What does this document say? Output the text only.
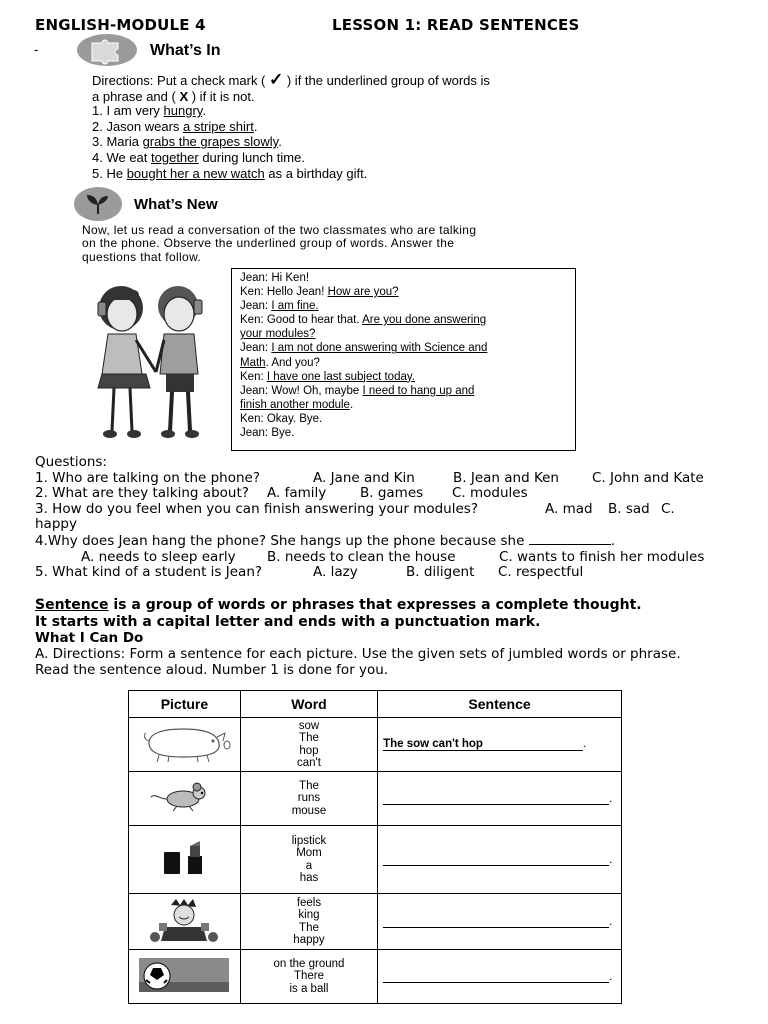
ENGLISH-MODULE 4	LESSON 1: READ SENTENCES
-	What’s In
Directions: Put a check mark ( ✓ ) if the underlined group of words is
a phrase and ( X ) if it is not.

1. I am very hungry.

2. Jason wears a stripe shirt.

3. Maria grabs the grapes slowly.

4. We eat together during lunch time.

5. He bought her a new watch as a birthday gift.

What’s New
Now, let us read a conversation of the two classmates who are talking
on the phone. Observe the underlined group of words. Answer the
questions that follow.

Jean: Hi Ken!

Ken: Hello Jean! How are you?

Jean: I am fine.

Ken: Good to hear that. Are you done answering

your modules?

Jean: I am not done answering with Science and

Math. And you?

Ken: I have one last subject today.

Jean: Wow! Oh, maybe I need to hang up and

finish another module.

Ken: Okay. Bye.

Jean: Bye.

Questions:

1. Who are talking on the phone?	A. Jane and Kin	B. Jean and Ken C. John and Kate

2. What are they talking about? A. family	B. games C. modules

3. How do you feel when you can finish answering your modules?	A. mad B. sad C.

happy

4.Why does Jean hang the phone? She hangs up the phone because she	.

A. needs to sleep early B. needs to clean the house	C. wants to finish her modules

5. What kind of a student is Jean?	A. lazy	B. diligent C. respectful

Sentence is a group of words or phrases that expresses a complete thought.
It starts with a capital letter and ends with a punctuation mark.
What I Can Do
A. Directions: Form a sentence for each picture. Use the given sets of jumbled words or phrase.
Read the sentence aloud. Number 1 is done for you.
Picture	Word	Sentence

sow
The
hop
can't	The sow can't hop .

The
runs
mouse	.

lipstick
Mom
a
has	.

feels
king
The
happy	.

on the ground
There
is a ball	.
